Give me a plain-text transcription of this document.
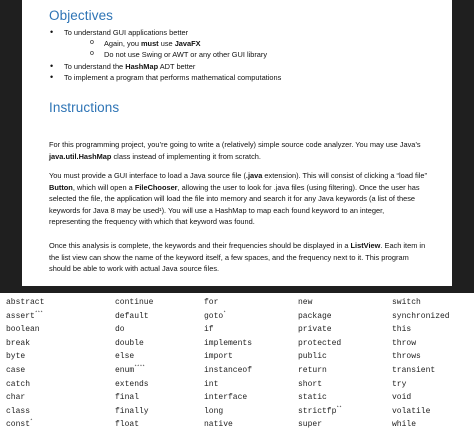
Objectives
• To understand GUI applications better
o Again, you must use JavaFX
o Do not use Swing or AWT or any other GUI library
• To understand the HashMap ADT better
• To implement a program that performs mathematical computations
Instructions

For this programming project, you’re going to write a (relatively) simple source code analyzer. You may use Java’s java.util.HashMap class instead of implementing it from scratch.

You must provide a GUI interface to load a Java source file (.java extension). This will consist of clicking a “load file” Button, which will open a FileChooser, allowing the user to look for .java files (using filtering). Once the user has selected the file, the application will load the file into memory and search it for any Java keywords (a list of these keywords for Java 8 may be used¹). You will use a HashMap to map each found keyword to an integer, representing the frequency with which that keyword was found.

Once this analysis is complete, the keywords and their frequencies should be displayed in a ListView. Each item in the list view can show the name of the keyword itself, a few spaces, and the frequency next to it. This program should be able to work with actual Java source files.

abstract	continue	for	new	switch
assert***	default	goto*	package	synchronized
boolean	do	if	private	this
break	double	implements	protected	throw
byte	else	import	public	throws
case	enum****	instanceof	return	transient
catch	extends	int	short	try
char	final	interface	static	void
class	finally	long	strictfp**	volatile
const*	float	native	super	while
